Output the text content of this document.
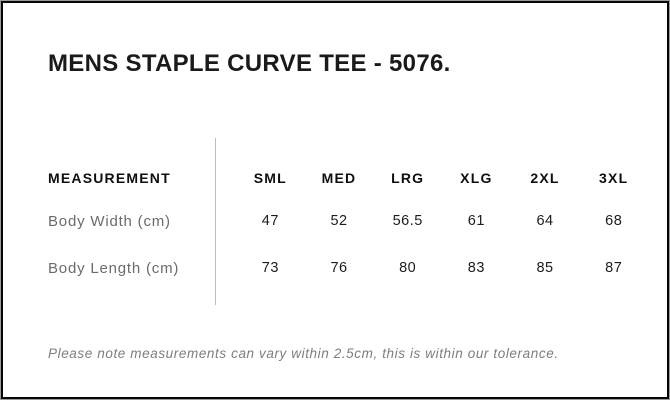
MENS STAPLE CURVE TEE - 5076.
MEASUREMENT	SML	MED	LRG	XLG	2XL	3XL
Body Width (cm)	47	52	56.5	61	64	68
Body Length (cm)	73	76	80	83	85	87

Please note measurements can vary within 2.5cm, this is within our tolerance.
